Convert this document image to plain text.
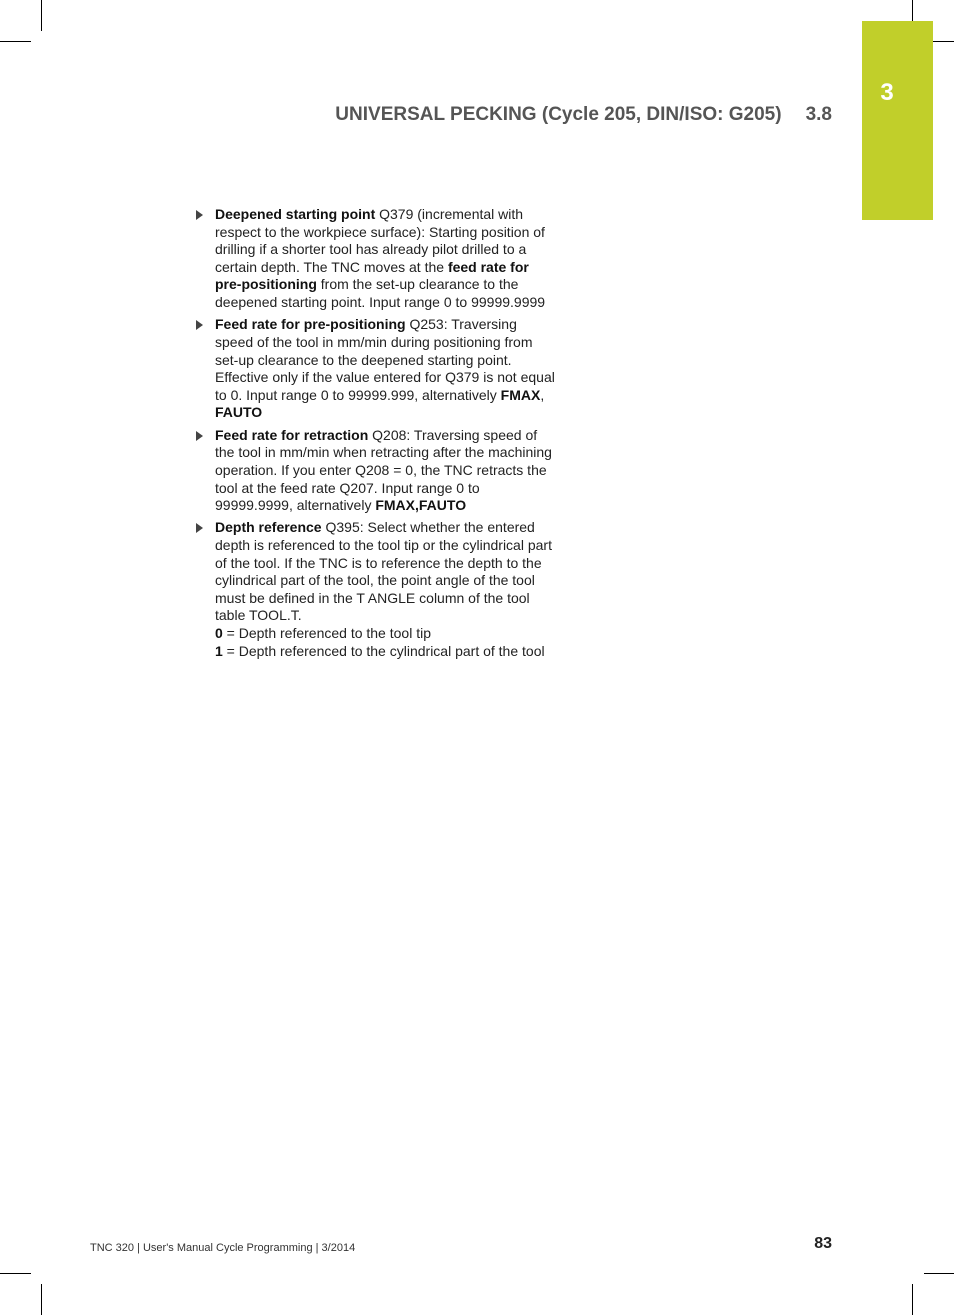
3
UNIVERSAL PECKING (Cycle 205, DIN/ISO: G205) 3.8
Deepened starting point Q379 (incremental with respect to the workpiece surface): Starting position of drilling if a shorter tool has already pilot drilled to a certain depth. The TNC moves at the feed rate for pre-positioning from the set-up clearance to the deepened starting point. Input range 0 to 99999.9999
Feed rate for pre-positioning Q253: Traversing speed of the tool in mm/min during positioning from set-up clearance to the deepened starting point. Effective only if the value entered for Q379 is not equal to 0. Input range 0 to 99999.999, alternatively FMAX, FAUTO
Feed rate for retraction Q208: Traversing speed of the tool in mm/min when retracting after the machining operation. If you enter Q208 = 0, the TNC retracts the tool at the feed rate Q207. Input range 0 to 99999.9999, alternatively FMAX,FAUTO
Depth reference Q395: Select whether the entered depth is referenced to the tool tip or the cylindrical part of the tool. If the TNC is to reference the depth to the cylindrical part of the tool, the point angle of the tool must be defined in the T ANGLE column of the tool table TOOL.T.
0 = Depth referenced to the tool tip
1 = Depth referenced to the cylindrical part of the tool
TNC 320 | User's Manual Cycle Programming | 3/2014	83
